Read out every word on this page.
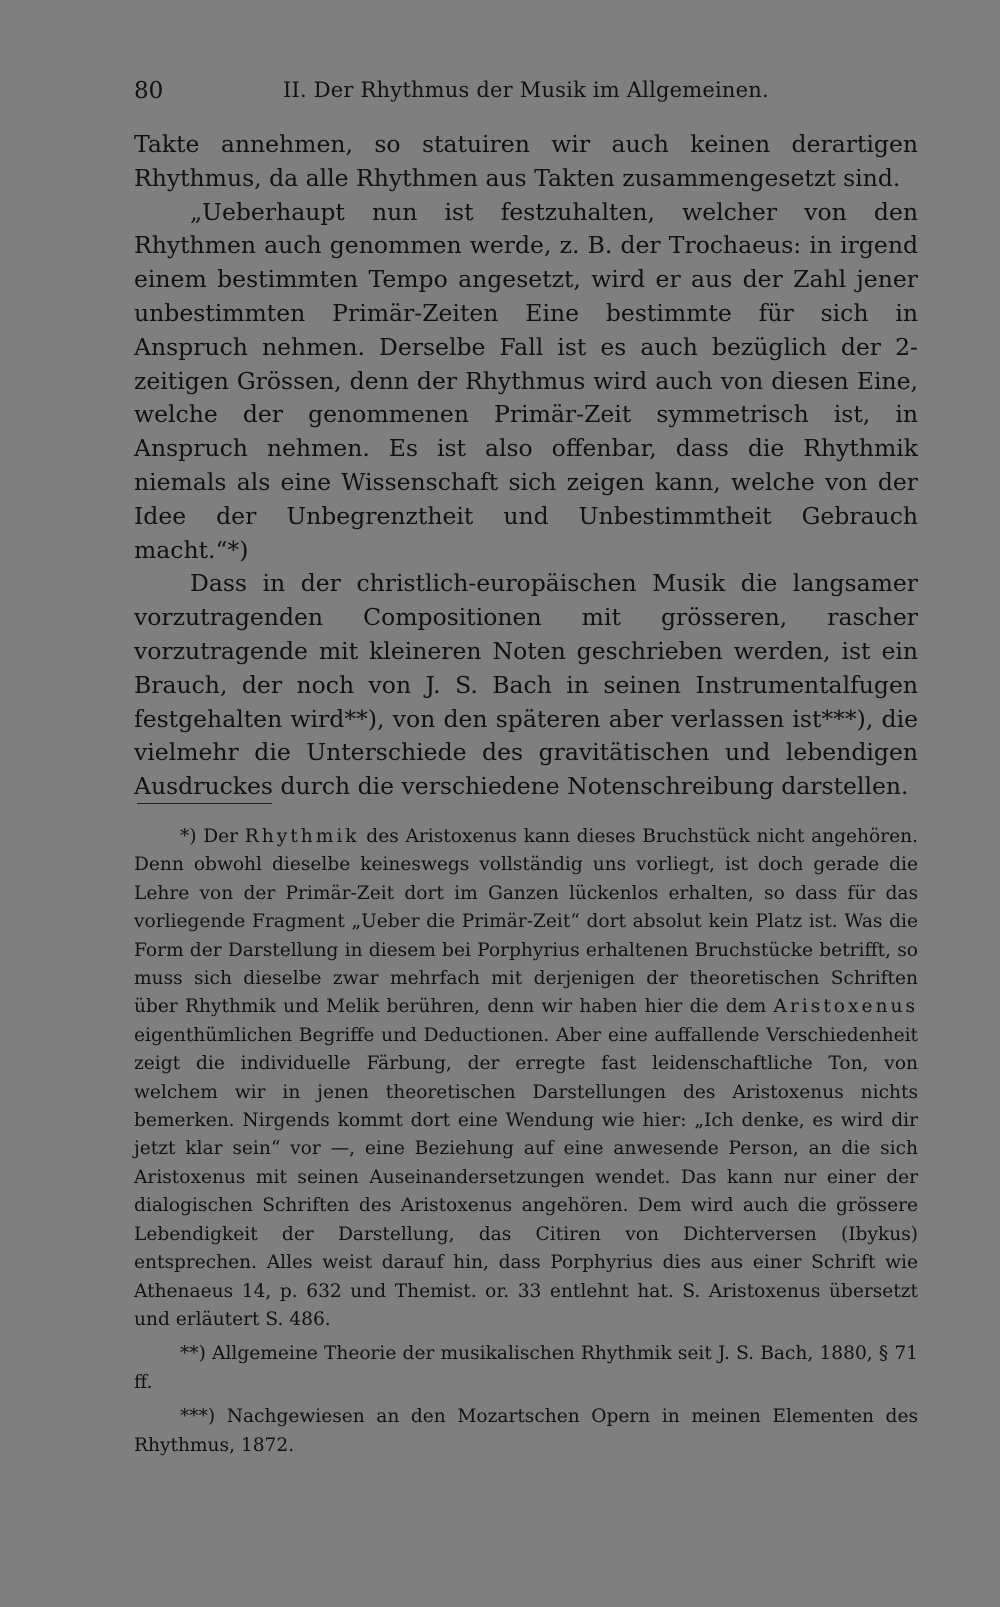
80	II. Der Rhythmus der Musik im Allgemeinen.

Takte annehmen, so statuiren wir auch keinen derartigen Rhythmus, da alle Rhythmen aus Takten zusammengesetzt sind.

„Ueberhaupt nun ist festzuhalten, welcher von den Rhythmen auch genommen werde, z. B. der Trochaeus: in irgend einem bestimmten Tempo angesetzt, wird er aus der Zahl jener unbestimmten Primär-Zeiten Eine bestimmte für sich in Anspruch nehmen. Derselbe Fall ist es auch bezüglich der 2-zeitigen Grössen, denn der Rhythmus wird auch von diesen Eine, welche der genommenen Primär-Zeit symmetrisch ist, in Anspruch nehmen. Es ist also offenbar, dass die Rhythmik niemals als eine Wissenschaft sich zeigen kann, welche von der Idee der Unbegrenztheit und Unbestimmtheit Gebrauch macht.“*)

Dass in der christlich-europäischen Musik die langsamer vorzutragenden Compositionen mit grösseren, rascher vorzutragende mit kleineren Noten geschrieben werden, ist ein Brauch, der noch von J. S. Bach in seinen Instrumentalfugen festgehalten wird**), von den späteren aber verlassen ist***), die vielmehr die Unterschiede des gravitätischen und lebendigen Ausdruckes durch die verschiedene Notenschreibung darstellen.

*) Der Rhythmik des Aristoxenus kann dieses Bruchstück nicht angehören. Denn obwohl dieselbe keineswegs vollständig uns vorliegt, ist doch gerade die Lehre von der Primär-Zeit dort im Ganzen lückenlos erhalten, so dass für das vorliegende Fragment „Ueber die Primär-Zeit“ dort absolut kein Platz ist. Was die Form der Darstellung in diesem bei Porphyrius erhaltenen Bruchstücke betrifft, so muss sich dieselbe zwar mehrfach mit derjenigen der theoretischen Schriften über Rhythmik und Melik berühren, denn wir haben hier die dem Aristoxenus eigenthümlichen Begriffe und Deductionen. Aber eine auffallende Verschiedenheit zeigt die individuelle Färbung, der erregte fast leidenschaftliche Ton, von welchem wir in jenen theoretischen Darstellungen des Aristoxenus nichts bemerken. Nirgends kommt dort eine Wendung wie hier: „Ich denke, es wird dir jetzt klar sein“ vor —, eine Beziehung auf eine anwesende Person, an die sich Aristoxenus mit seinen Auseinandersetzungen wendet. Das kann nur einer der dialogischen Schriften des Aristoxenus angehören. Dem wird auch die grössere Lebendigkeit der Darstellung, das Citiren von Dichterversen (Ibykus) entsprechen. Alles weist darauf hin, dass Porphyrius dies aus einer Schrift wie Athenaeus 14, p. 632 und Themist. or. 33 entlehnt hat. S. Aristoxenus übersetzt und erläutert S. 486.

**) Allgemeine Theorie der musikalischen Rhythmik seit J. S. Bach, 1880, § 71 ff.

***) Nachgewiesen an den Mozartschen Opern in meinen Elementen des Rhythmus, 1872.
